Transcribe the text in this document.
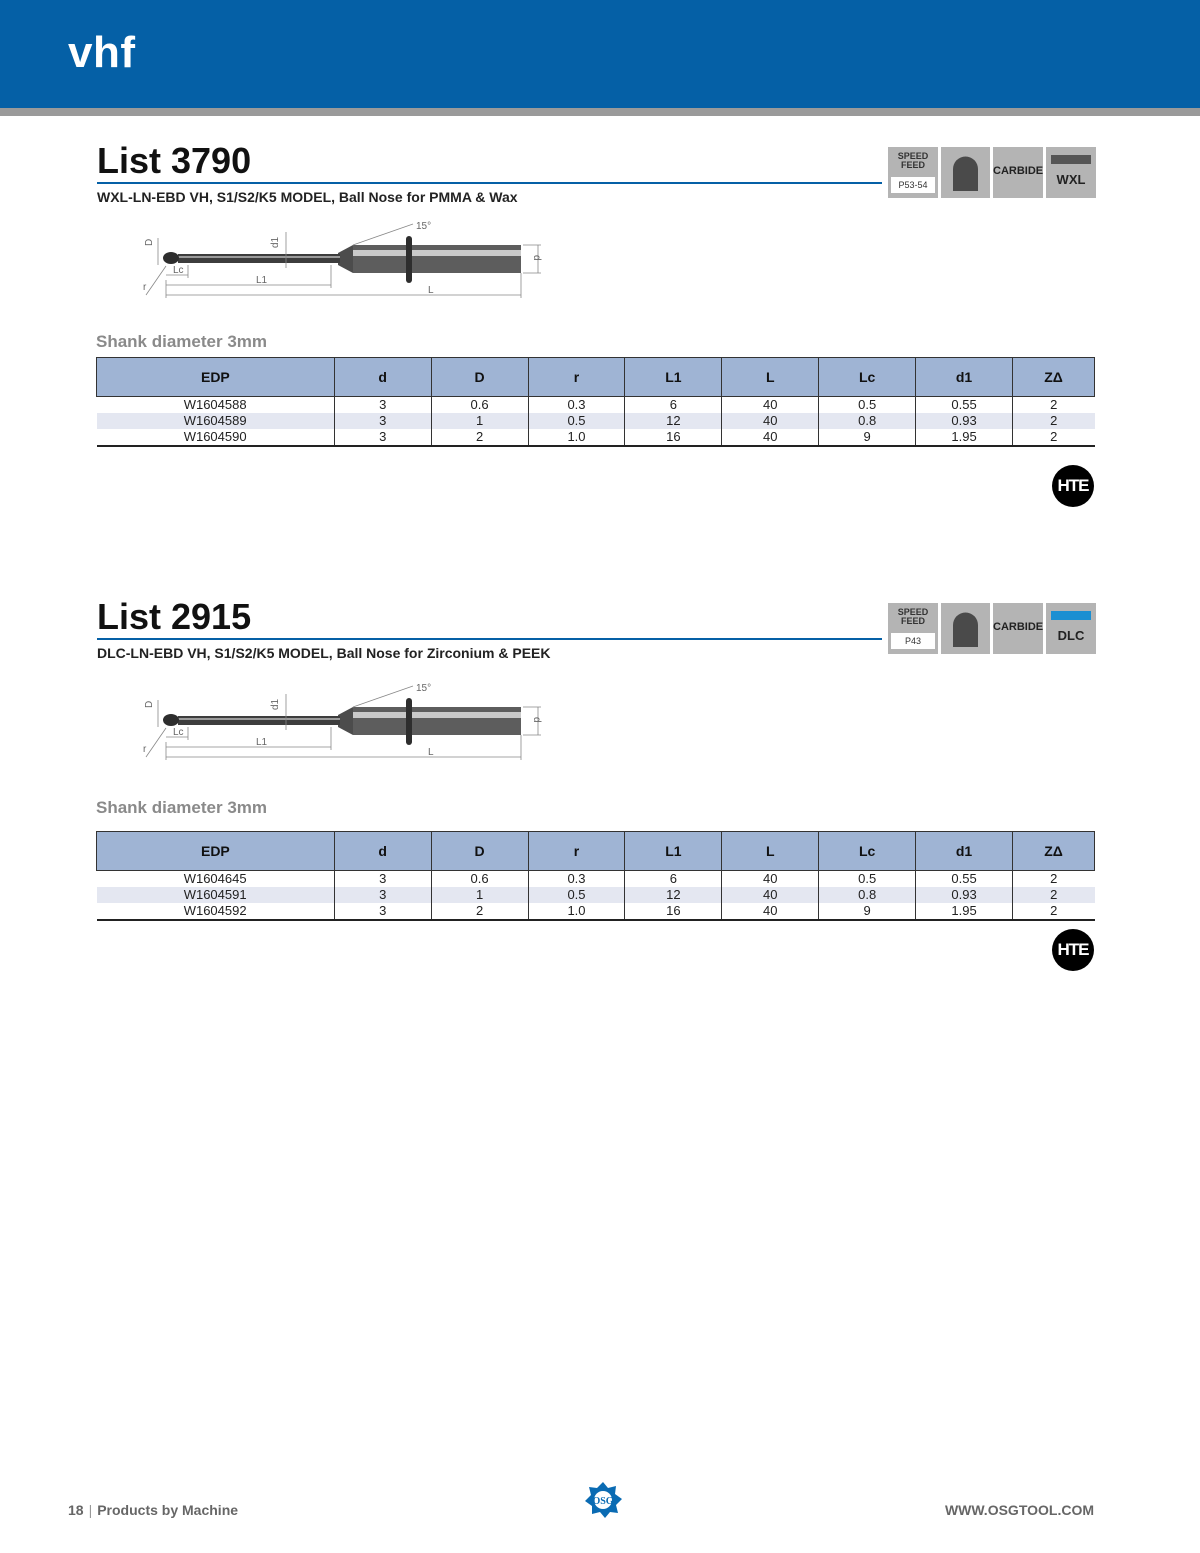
vhf
List 3790
WXL-LN-EBD VH, S1/S2/K5 MODEL, Ball Nose for PMMA & Wax
SPEED
FEED
P53-54
CARBIDE
WXL
15°
D	d1
d
r
Lc
L1
L
Shank diameter 3mm
EDP	d	D	r	L1	L	Lc	d1	ZΔ
W1604588	3	0.6	0.3	6	40	0.5	0.55	2
W1604589	3	1	0.5	12	40	0.8	0.93	2
W1604590	3	2	1.0	16	40	9	1.95	2
HTE
List 2915
DLC-LN-EBD VH, S1/S2/K5 MODEL, Ball Nose for Zirconium & PEEK
SPEED
FEED
P43
CARBIDE
DLC
15°
D	d1
d
r
Lc
L1
L
Shank diameter 3mm
EDP	d	D	r	L1	L	Lc	d1	ZΔ
W1604645	3	0.6	0.3	6	40	0.5	0.55	2
W1604591	3	1	0.5	12	40	0.8	0.93	2
W1604592	3	2	1.0	16	40	9	1.95	2
HTE
18 | Products by Machine
OSG
WWW.OSGTOOL.COM
